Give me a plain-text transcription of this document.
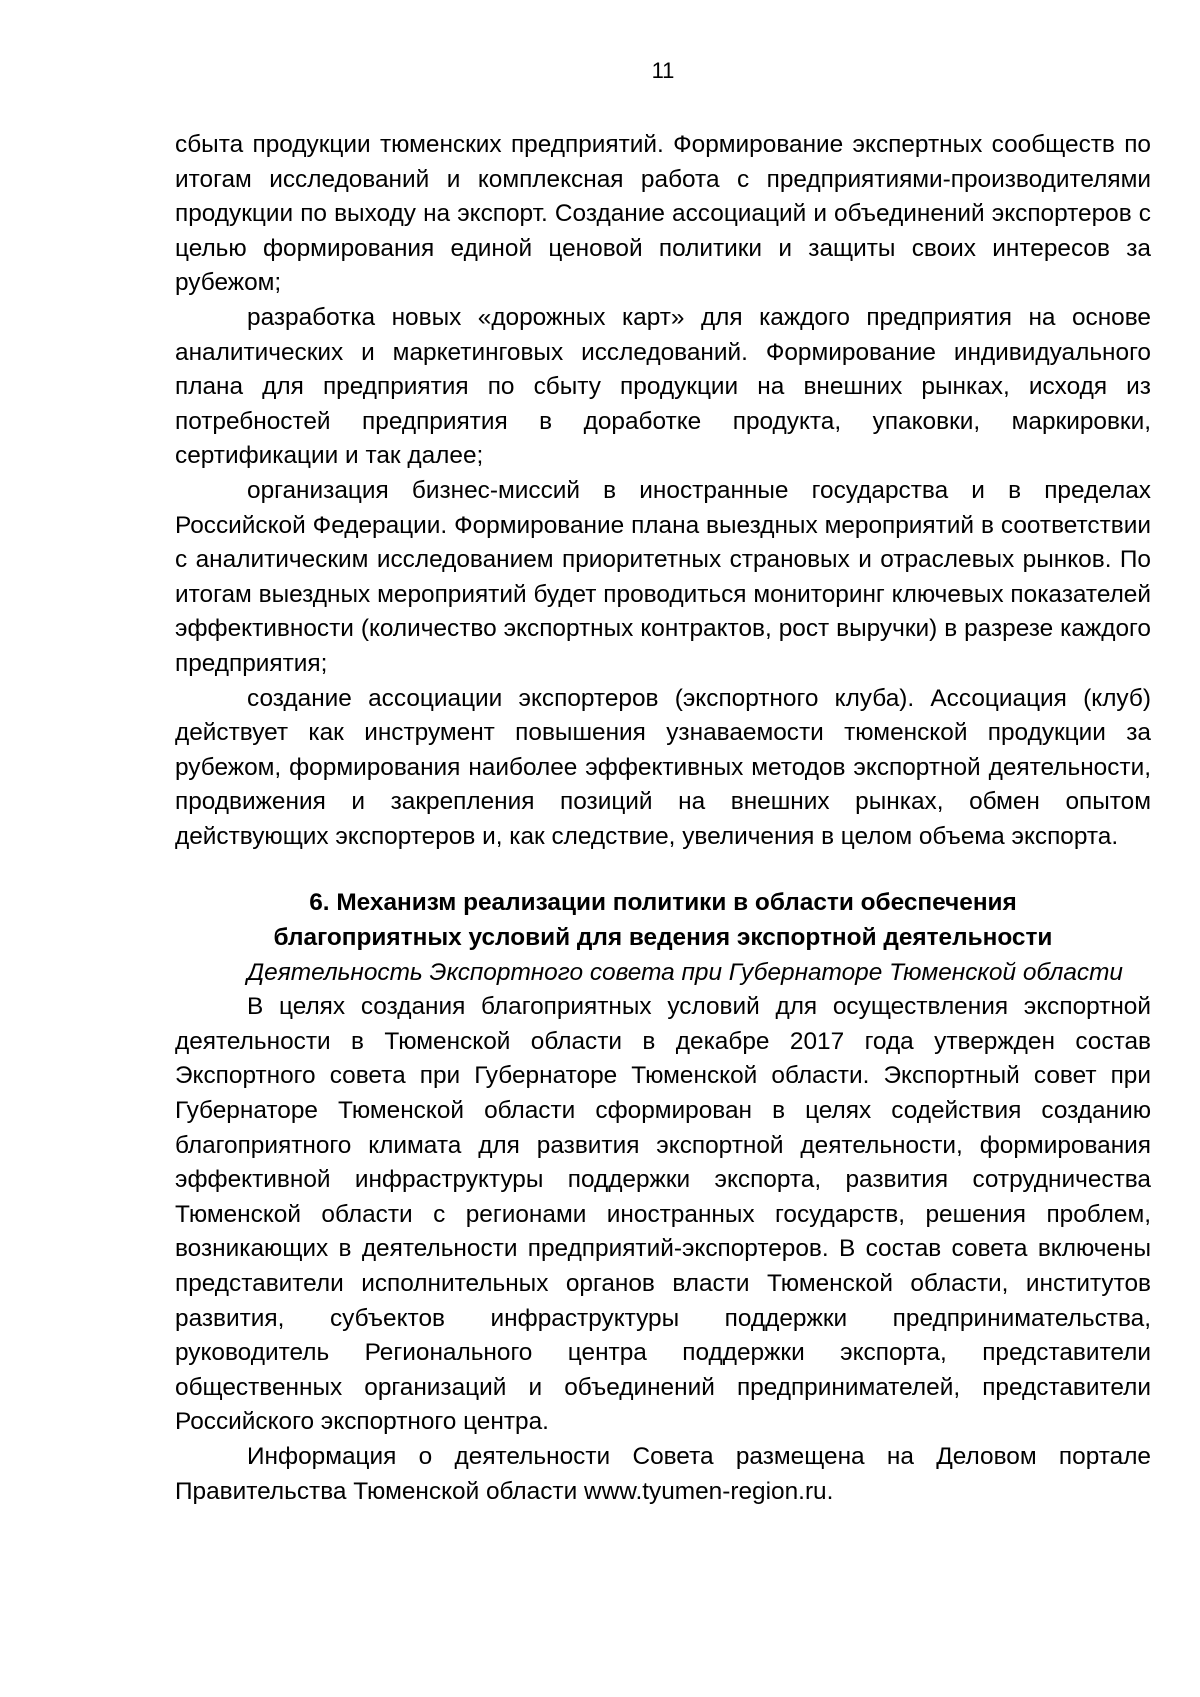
11

сбыта продукции тюменских предприятий. Формирование экспертных сообществ по итогам исследований и комплексная работа с предприятиями-производителями продукции по выходу на экспорт. Создание ассоциаций и объединений экспортеров с целью формирования единой ценовой политики и защиты своих интересов за рубежом;

разработка новых «дорожных карт» для каждого предприятия на основе аналитических и маркетинговых исследований. Формирование индивидуального плана для предприятия по сбыту продукции на внешних рынках, исходя из потребностей предприятия в доработке продукта, упаковки, маркировки, сертификации и так далее;

организация бизнес-миссий в иностранные государства и в пределах Российской Федерации. Формирование плана выездных мероприятий в соответствии с аналитическим исследованием приоритетных страновых и отраслевых рынков. По итогам выездных мероприятий будет проводиться мониторинг ключевых показателей эффективности (количество экспортных контрактов, рост выручки) в разрезе каждого предприятия;

создание ассоциации экспортеров (экспортного клуба). Ассоциация (клуб) действует как инструмент повышения узнаваемости тюменской продукции за рубежом, формирования наиболее эффективных методов экспортной деятельности, продвижения и закрепления позиций на внешних рынках, обмен опытом действующих экспортеров и, как следствие, увеличения в целом объема экспорта.

6. Механизм реализации политики в области обеспечения
благоприятных условий для ведения экспортной деятельности

Деятельность Экспортного совета при Губернаторе Тюменской области

В целях создания благоприятных условий для осуществления экспортной деятельности в Тюменской области в декабре 2017 года утвержден состав Экспортного совета при Губернаторе Тюменской области. Экспортный совет при Губернаторе Тюменской области сформирован в целях содействия созданию благоприятного климата для развития экспортной деятельности, формирования эффективной инфраструктуры поддержки экспорта, развития сотрудничества Тюменской области с регионами иностранных государств, решения проблем, возникающих в деятельности предприятий-экспортеров. В состав совета включены представители исполнительных органов власти Тюменской области, институтов развития, субъектов инфраструктуры поддержки предпринимательства, руководитель Регионального центра поддержки экспорта, представители общественных организаций и объединений предпринимателей, представители Российского экспортного центра.

Информация о деятельности Совета размещена на Деловом портале Правительства Тюменской области www.tyumen-region.ru.
